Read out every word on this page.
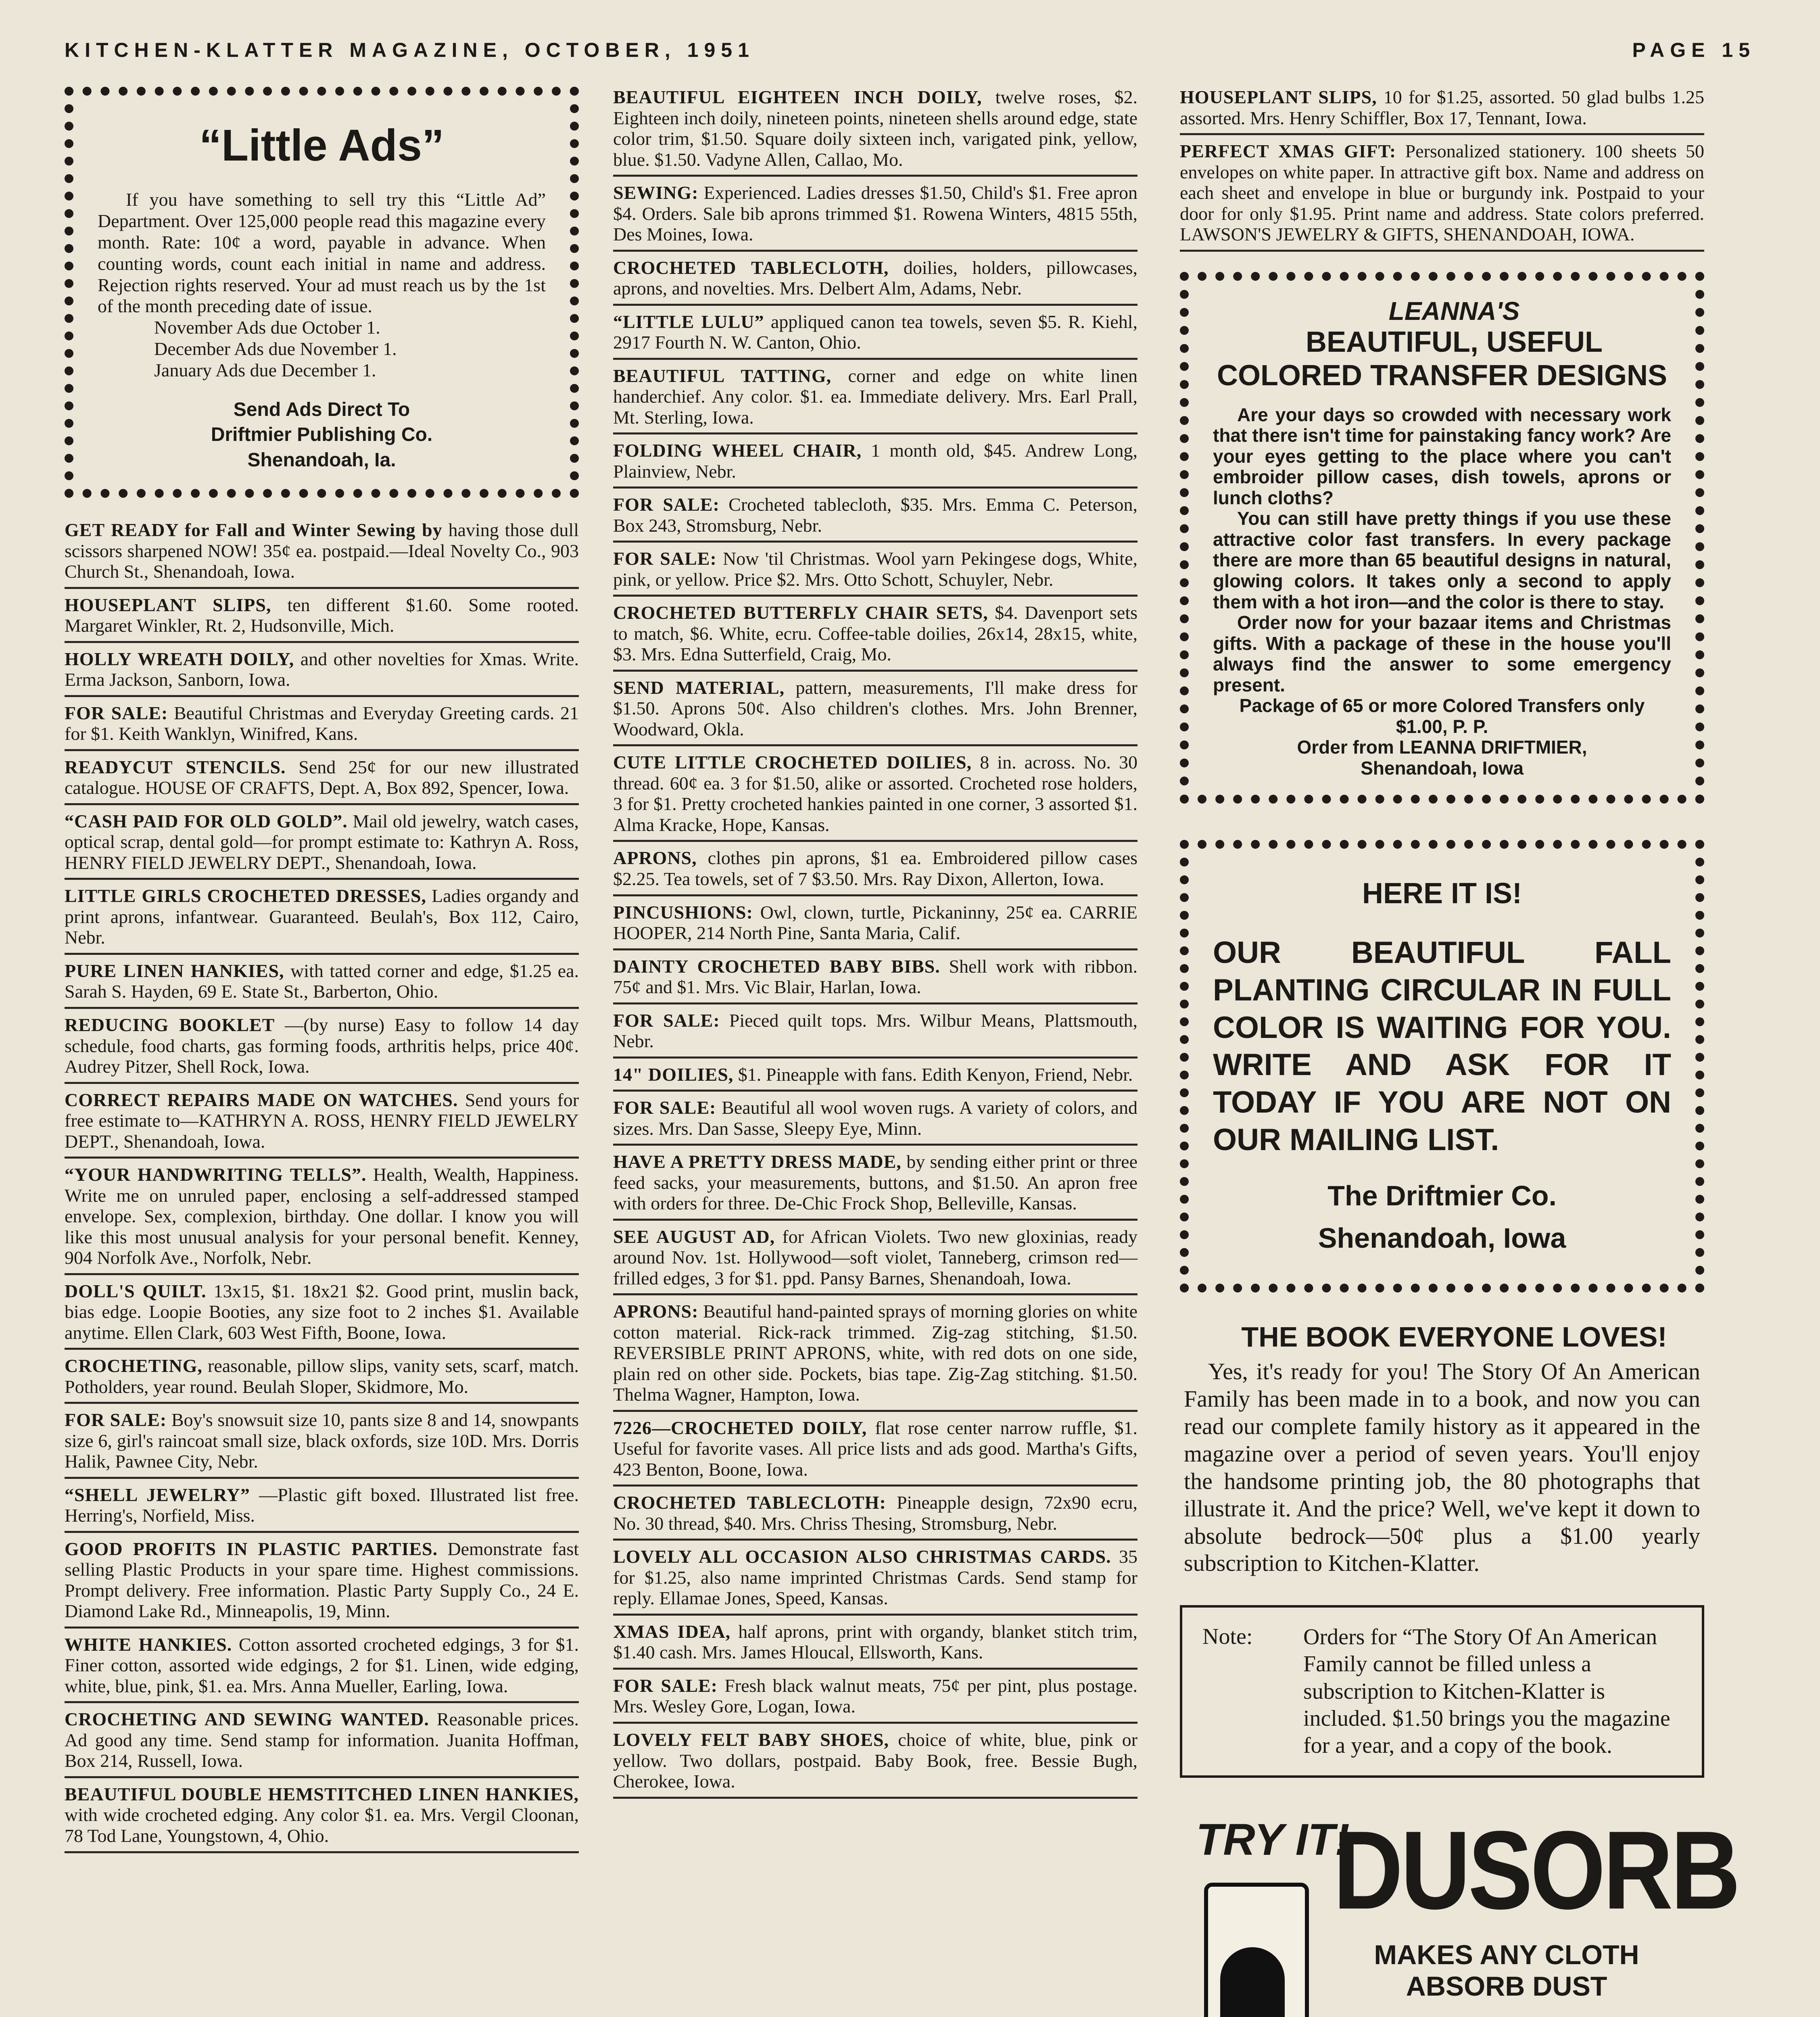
KITCHEN-KLATTER MAGAZINE, OCTOBER, 1951	PAGE 15
“Little Ads”

If you have something to sell try this “Little Ad” Department. Over 125,000 people read this magazine every month. Rate: 10¢ a word, payable in advance. When counting words, count each initial in name and address. Rejection rights reserved. Your ad must reach us by the 1st of the month preceding date of issue.

November Ads due October 1.

December Ads due November 1.

January Ads due December 1.

Send Ads Direct To
Driftmier Publishing Co.
Shenandoah, Ia.

GET READY for Fall and Winter Sewing by having those dull scissors sharpened NOW! 35¢ ea. postpaid.—Ideal Novelty Co., 903 Church St., Shenandoah, Iowa.
HOUSEPLANT SLIPS, ten different $1.60. Some rooted. Margaret Winkler, Rt. 2, Hudsonville, Mich.
HOLLY WREATH DOILY, and other novelties for Xmas. Write. Erma Jackson, Sanborn, Iowa.
FOR SALE: Beautiful Christmas and Everyday Greeting cards. 21 for $1. Keith Wanklyn, Winifred, Kans.
READYCUT STENCILS. Send 25¢ for our new illustrated catalogue. HOUSE OF CRAFTS, Dept. A, Box 892, Spencer, Iowa.
“CASH PAID FOR OLD GOLD”. Mail old jewelry, watch cases, optical scrap, dental gold—for prompt estimate to: Kathryn A. Ross, HENRY FIELD JEWELRY DEPT., Shenandoah, Iowa.
LITTLE GIRLS CROCHETED DRESSES, Ladies organdy and print aprons, infantwear. Guaranteed. Beulah's, Box 112, Cairo, Nebr.
PURE LINEN HANKIES, with tatted corner and edge, $1.25 ea. Sarah S. Hayden, 69 E. State St., Barberton, Ohio.
REDUCING BOOKLET —(by nurse) Easy to follow 14 day schedule, food charts, gas forming foods, arthritis helps, price 40¢. Audrey Pitzer, Shell Rock, Iowa.
CORRECT REPAIRS MADE ON WATCHES. Send yours for free estimate to—KATHRYN A. ROSS, HENRY FIELD JEWELRY DEPT., Shenandoah, Iowa.
“YOUR HANDWRITING TELLS”. Health, Wealth, Happiness. Write me on unruled paper, enclosing a self-addressed stamped envelope. Sex, complexion, birthday. One dollar. I know you will like this most unusual analysis for your personal benefit. Kenney, 904 Norfolk Ave., Norfolk, Nebr.
DOLL'S QUILT. 13x15, $1. 18x21 $2. Good print, muslin back, bias edge. Loopie Booties, any size foot to 2 inches $1. Available anytime. Ellen Clark, 603 West Fifth, Boone, Iowa.
CROCHETING, reasonable, pillow slips, vanity sets, scarf, match. Potholders, year round. Beulah Sloper, Skidmore, Mo.
FOR SALE: Boy's snowsuit size 10, pants size 8 and 14, snowpants size 6, girl's raincoat small size, black oxfords, size 10D. Mrs. Dorris Halik, Pawnee City, Nebr.
“SHELL JEWELRY” —Plastic gift boxed. Illustrated list free. Herring's, Norfield, Miss.
GOOD PROFITS IN PLASTIC PARTIES. Demonstrate fast selling Plastic Products in your spare time. Highest commissions. Prompt delivery. Free information. Plastic Party Supply Co., 24 E. Diamond Lake Rd., Minneapolis, 19, Minn.
WHITE HANKIES. Cotton assorted crocheted edgings, 3 for $1. Finer cotton, assorted wide edgings, 2 for $1. Linen, wide edging, white, blue, pink, $1. ea. Mrs. Anna Mueller, Earling, Iowa.
CROCHETING AND SEWING WANTED. Reasonable prices. Ad good any time. Send stamp for information. Juanita Hoffman, Box 214, Russell, Iowa.
BEAUTIFUL DOUBLE HEMSTITCHED LINEN HANKIES, with wide crocheted edging. Any color $1. ea. Mrs. Vergil Cloonan, 78 Tod Lane, Youngstown, 4, Ohio.
BEAUTIFUL EIGHTEEN INCH DOILY, twelve roses, $2. Eighteen inch doily, nineteen points, nineteen shells around edge, state color trim, $1.50. Square doily sixteen inch, varigated pink, yellow, blue. $1.50. Vadyne Allen, Callao, Mo.
SEWING: Experienced. Ladies dresses $1.50, Child's $1. Free apron $4. Orders. Sale bib aprons trimmed $1. Rowena Winters, 4815 55th, Des Moines, Iowa.
CROCHETED TABLECLOTH, doilies, holders, pillowcases, aprons, and novelties. Mrs. Delbert Alm, Adams, Nebr.
“LITTLE LULU” appliqued canon tea towels, seven $5. R. Kiehl, 2917 Fourth N. W. Canton, Ohio.
BEAUTIFUL TATTING, corner and edge on white linen handerchief. Any color. $1. ea. Immediate delivery. Mrs. Earl Prall, Mt. Sterling, Iowa.
FOLDING WHEEL CHAIR, 1 month old, $45. Andrew Long, Plainview, Nebr.
FOR SALE: Crocheted tablecloth, $35. Mrs. Emma C. Peterson, Box 243, Stromsburg, Nebr.
FOR SALE: Now 'til Christmas. Wool yarn Pekingese dogs, White, pink, or yellow. Price $2. Mrs. Otto Schott, Schuyler, Nebr.
CROCHETED BUTTERFLY CHAIR SETS, $4. Davenport sets to match, $6. White, ecru. Coffee-table doilies, 26x14, 28x15, white, $3. Mrs. Edna Sutterfield, Craig, Mo.
SEND MATERIAL, pattern, measurements, I'll make dress for $1.50. Aprons 50¢. Also children's clothes. Mrs. John Brenner, Woodward, Okla.
CUTE LITTLE CROCHETED DOILIES, 8 in. across. No. 30 thread. 60¢ ea. 3 for $1.50, alike or assorted. Crocheted rose holders, 3 for $1. Pretty crocheted hankies painted in one corner, 3 assorted $1. Alma Kracke, Hope, Kansas.
APRONS, clothes pin aprons, $1 ea. Embroidered pillow cases $2.25. Tea towels, set of 7 $3.50. Mrs. Ray Dixon, Allerton, Iowa.
PINCUSHIONS: Owl, clown, turtle, Pickaninny, 25¢ ea. CARRIE HOOPER, 214 North Pine, Santa Maria, Calif.
DAINTY CROCHETED BABY BIBS. Shell work with ribbon. 75¢ and $1. Mrs. Vic Blair, Harlan, Iowa.
FOR SALE: Pieced quilt tops. Mrs. Wilbur Means, Plattsmouth, Nebr.
14" DOILIES, $1. Pineapple with fans. Edith Kenyon, Friend, Nebr.
FOR SALE: Beautiful all wool woven rugs. A variety of colors, and sizes. Mrs. Dan Sasse, Sleepy Eye, Minn.
HAVE A PRETTY DRESS MADE, by sending either print or three feed sacks, your measurements, buttons, and $1.50. An apron free with orders for three. De-Chic Frock Shop, Belleville, Kansas.
SEE AUGUST AD, for African Violets. Two new gloxinias, ready around Nov. 1st. Hollywood—soft violet, Tanneberg, crimson red—frilled edges, 3 for $1. ppd. Pansy Barnes, Shenandoah, Iowa.
APRONS: Beautiful hand-painted sprays of morning glories on white cotton material. Rick-rack trimmed. Zig-zag stitching, $1.50. REVERSIBLE PRINT APRONS, white, with red dots on one side, plain red on other side. Pockets, bias tape. Zig-Zag stitching. $1.50. Thelma Wagner, Hampton, Iowa.
7226—CROCHETED DOILY, flat rose center narrow ruffle, $1. Useful for favorite vases. All price lists and ads good. Martha's Gifts, 423 Benton, Boone, Iowa.
CROCHETED TABLECLOTH: Pineapple design, 72x90 ecru, No. 30 thread, $40. Mrs. Chriss Thesing, Stromsburg, Nebr.
LOVELY ALL OCCASION ALSO CHRISTMAS CARDS. 35 for $1.25, also name imprinted Christmas Cards. Send stamp for reply. Ellamae Jones, Speed, Kansas.
XMAS IDEA, half aprons, print with organdy, blanket stitch trim, $1.40 cash. Mrs. James Hloucal, Ellsworth, Kans.
FOR SALE: Fresh black walnut meats, 75¢ per pint, plus postage. Mrs. Wesley Gore, Logan, Iowa.
LOVELY FELT BABY SHOES, choice of white, blue, pink or yellow. Two dollars, postpaid. Baby Book, free. Bessie Bugh, Cherokee, Iowa.
HOUSEPLANT SLIPS, 10 for $1.25, assorted. 50 glad bulbs 1.25 assorted. Mrs. Henry Schiffler, Box 17, Tennant, Iowa.
PERFECT XMAS GIFT: Personalized stationery. 100 sheets 50 envelopes on white paper. In attractive gift box. Name and address on each sheet and envelope in blue or burgundy ink. Postpaid to your door for only $1.95. Print name and address. State colors preferred. LAWSON'S JEWELRY & GIFTS, SHENANDOAH, IOWA.

LEANNA'S

BEAUTIFUL, USEFUL COLORED TRANSFER DESIGNS

Are your days so crowded with necessary work that there isn't time for painstaking fancy work? Are your eyes getting to the place where you can't embroider pillow cases, dish towels, aprons or lunch cloths?

You can still have pretty things if you use these attractive color fast transfers. In every package there are more than 65 beautiful designs in natural, glowing colors. It takes only a second to apply them with a hot iron—and the color is there to stay.

Order now for your bazaar items and Christmas gifts. With a package of these in the house you'll always find the answer to some emergency present.

Package of 65 or more Colored Transfers only $1.00, P. P.

Order from LEANNA DRIFTMIER,

Shenandoah, Iowa

HERE IT IS!

OUR BEAUTIFUL FALL PLANTING CIRCULAR IN FULL COLOR IS WAITING FOR YOU. WRITE AND ASK FOR IT TODAY IF YOU ARE NOT ON OUR MAILING LIST.

The Driftmier Co.
Shenandoah, Iowa

THE BOOK EVERYONE LOVES!

Yes, it's ready for you! The Story Of An American Family has been made in to a book, and now you can read our complete family history as it appeared in the magazine over a period of seven years. You'll enjoy the handsome printing job, the 80 photographs that illustrate it. And the price? Well, we've kept it down to absolute bedrock—50¢ plus a $1.00 yearly subscription to Kitchen-Klatter.

Note:	Orders for “The Story Of An American Family cannot be filled unless a subscription to Kitchen-Klatter is included. $1.50 brings you the magazine for a year, and a copy of the book.
TRY IT!
DUSORB
MAKES ANY CLOTH ABSORB DUST
